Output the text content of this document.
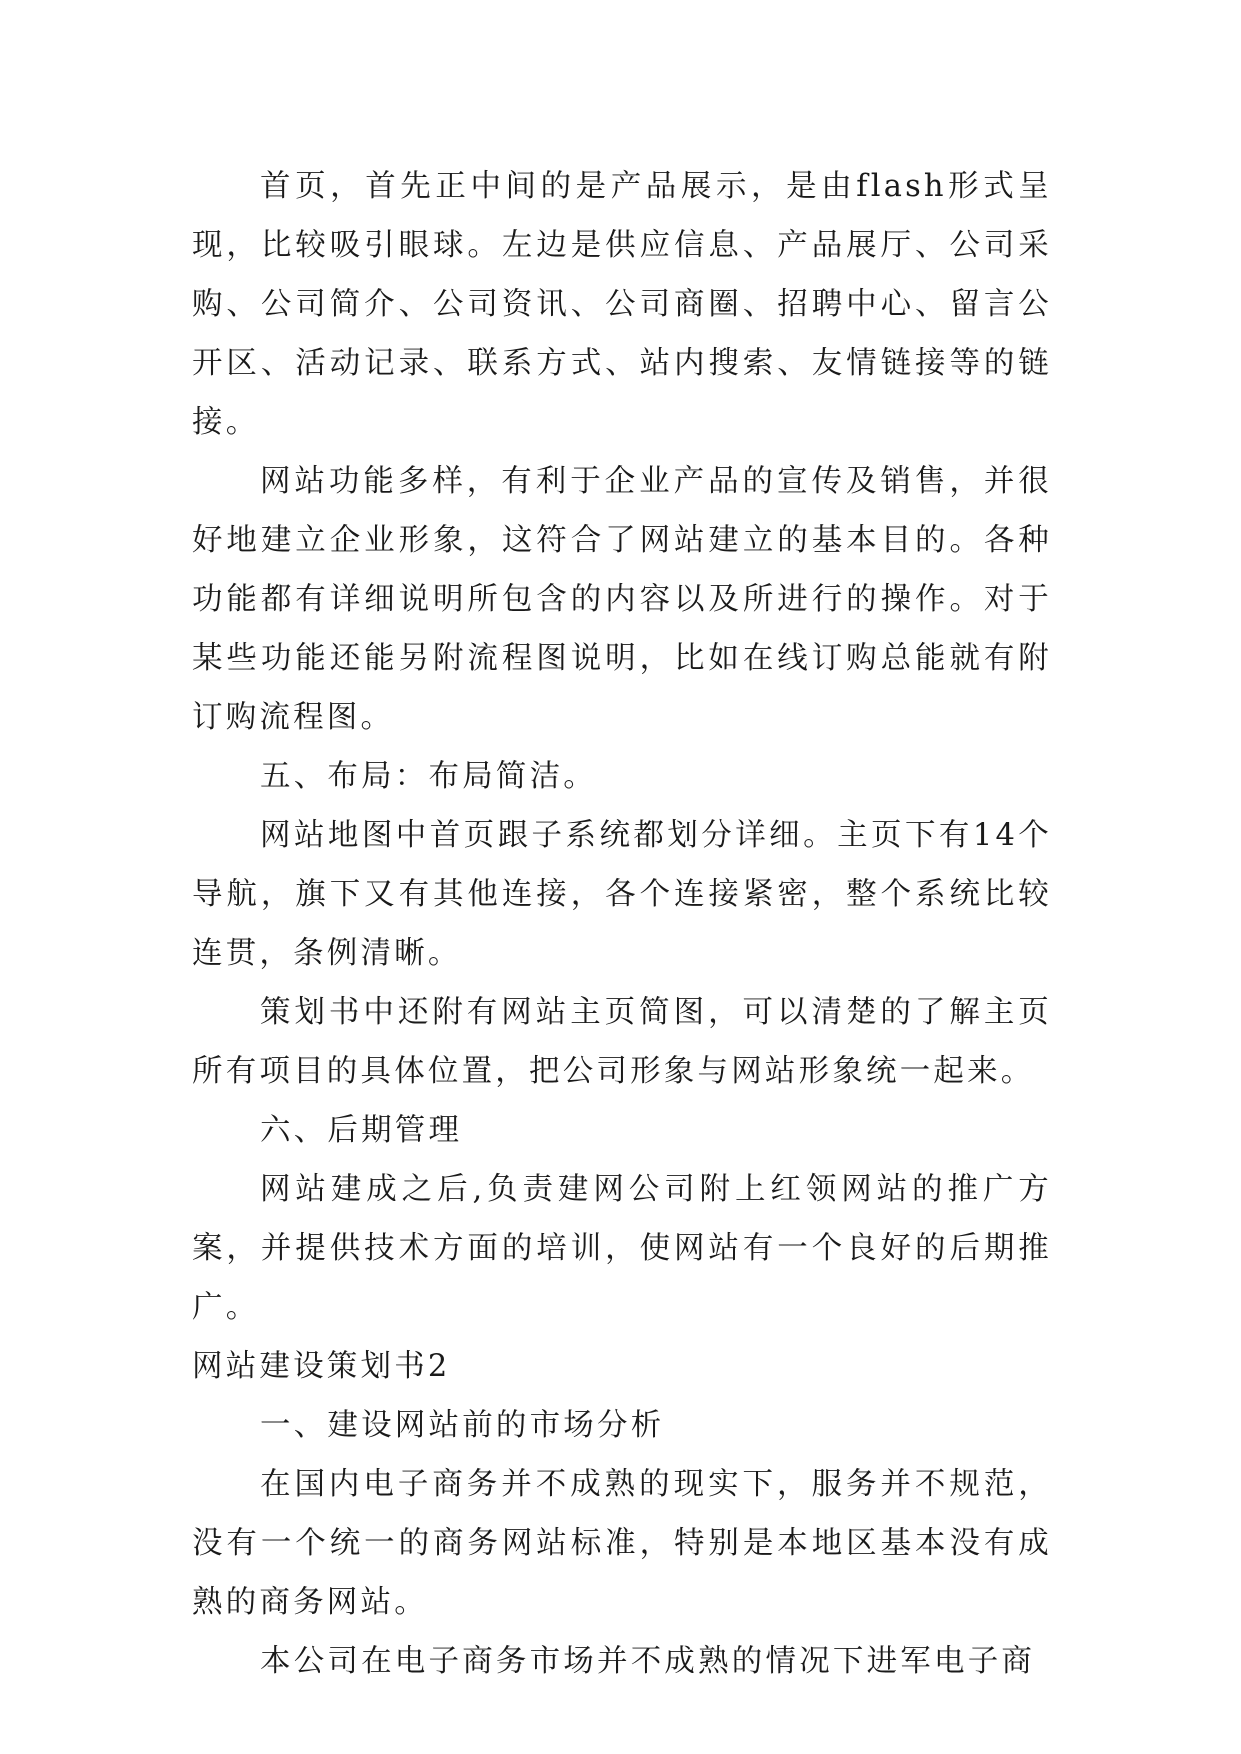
首页，首先正中间的是产品展示，是由flash形式呈现，比较吸引眼球。左边是供应信息、产品展厅、公司采购、公司简介、公司资讯、公司商圈、招聘中心、留言公开区、活动记录、联系方式、站内搜索、友情链接等的链接。

网站功能多样，有利于企业产品的宣传及销售，并很好地建立企业形象，这符合了网站建立的基本目的。各种功能都有详细说明所包含的内容以及所进行的操作。对于某些功能还能另附流程图说明，比如在线订购总能就有附订购流程图。

五、布局：布局简洁。

网站地图中首页跟子系统都划分详细。主页下有14个导航，旗下又有其他连接，各个连接紧密，整个系统比较连贯，条例清晰。

策划书中还附有网站主页简图，可以清楚的了解主页所有项目的具体位置，把公司形象与网站形象统一起来。

六、后期管理

网站建成之后,负责建网公司附上红领网站的推广方案，并提供技术方面的培训，使网站有一个良好的后期推广。

网站建设策划书2

一、建设网站前的市场分析

在国内电子商务并不成熟的现实下，服务并不规范，没有一个统一的商务网站标准，特别是本地区基本没有成熟的商务网站。

本公司在电子商务市场并不成熟的情况下进军电子商
